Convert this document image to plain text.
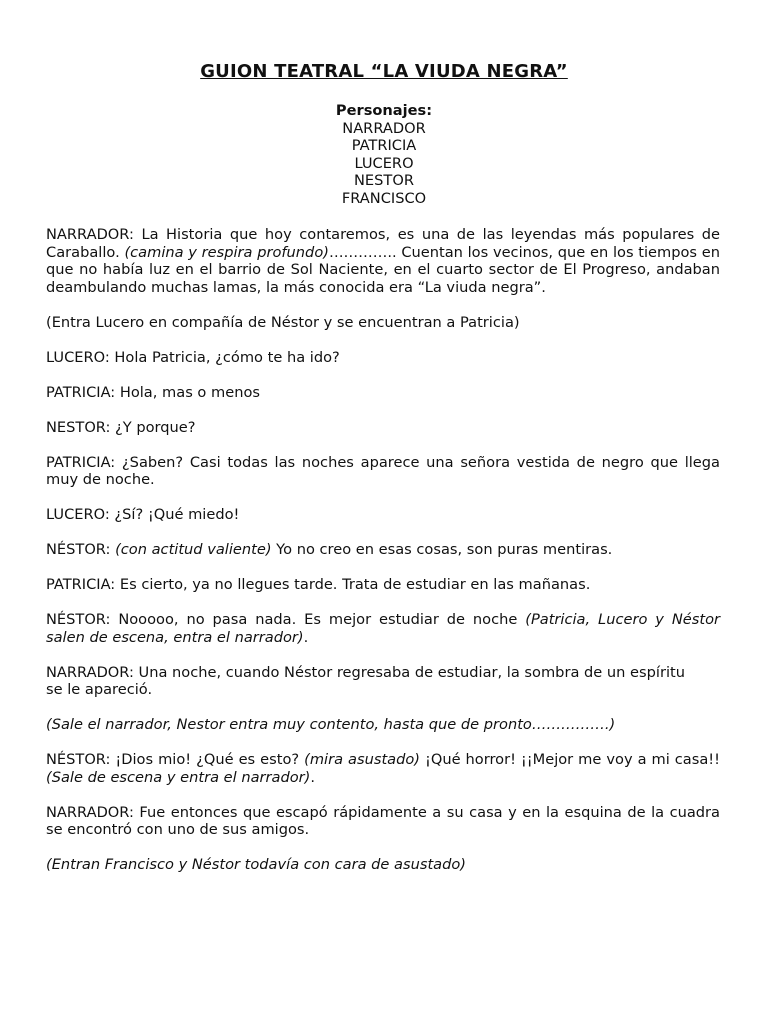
GUION TEATRAL “LA VIUDA NEGRA”
Personajes:
NARRADOR
PATRICIA
LUCERO
NESTOR
FRANCISCO

NARRADOR: La Historia que hoy contaremos, es una de las leyendas más populares de Caraballo. (camina y respira profundo)………….. Cuentan los vecinos, que en los tiempos en que no había luz en el barrio de Sol Naciente, en el cuarto sector de El Progreso, andaban deambulando muchas lamas, la más conocida era “La viuda negra”.

(Entra Lucero en compañía de Néstor y se encuentran a Patricia)

LUCERO: Hola Patricia, ¿cómo te ha ido?

PATRICIA: Hola, mas o menos

NESTOR: ¿Y porque?

PATRICIA: ¿Saben? Casi todas las noches aparece una señora vestida de negro que llega muy de noche.

LUCERO: ¿Sí? ¡Qué miedo!

NÉSTOR: (con actitud valiente) Yo no creo en esas cosas, son puras mentiras.

PATRICIA: Es cierto, ya no llegues tarde. Trata de estudiar en las mañanas.

NÉSTOR: Nooooo, no pasa nada. Es mejor estudiar de noche (Patricia, Lucero y Néstor salen de escena, entra el narrador).

NARRADOR: Una noche, cuando Néstor regresaba de estudiar, la sombra de un espíritu
se le apareció.

(Sale el narrador, Nestor entra muy contento, hasta que de pronto…………….)

NÉSTOR: ¡Dios mio! ¿Qué es esto? (mira asustado) ¡Qué horror! ¡¡Mejor me voy a mi casa!! (Sale de escena y entra el narrador).

NARRADOR: Fue entonces que escapó rápidamente a su casa y en la esquina de la cuadra se encontró con uno de sus amigos.

(Entran Francisco y Néstor todavía con cara de asustado)
